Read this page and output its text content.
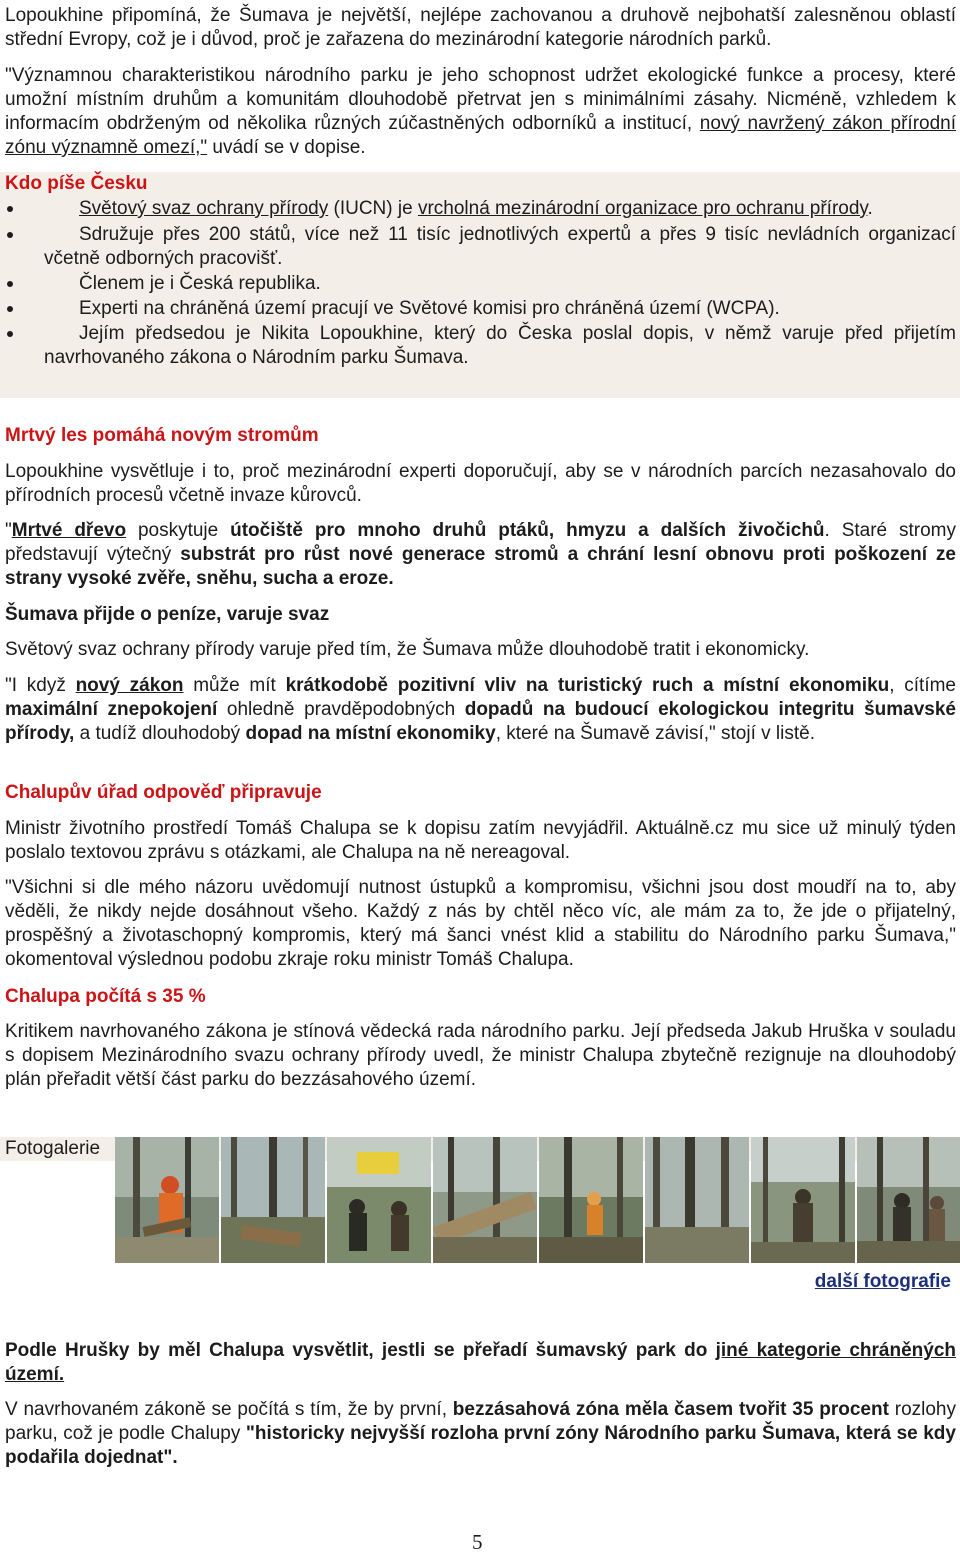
Lopoukhine připomíná, že Šumava je největší, nejlépe zachovanou a druhově nejbohatší zalesněnou oblastí střední Evropy, což je i důvod, proč je zařazena do mezinárodní kategorie národních parků.

"Významnou charakteristikou národního parku je jeho schopnost udržet ekologické funkce a procesy, které umožní místním druhům a komunitám dlouhodobě přetrvat jen s minimálními zásahy. Nicméně, vzhledem k informacím obdrženým od několika různých zúčastněných odborníků a institucí, nový navržený zákon přírodní zónu významně omezí," uvádí se v dopise.

Kdo píše Česku
Světový svaz ochrany přírody (IUCN) je vrcholná mezinárodní organizace pro ochranu přírody.
Sdružuje přes 200 států, více než 11 tisíc jednotlivých expertů a přes 9 tisíc nevládních organizací včetně odborných pracovišť.
Členem je i Česká republika.
Experti na chráněná území pracují ve Světové komisi pro chráněná území (WCPA).
Jejím předsedou je Nikita Lopoukhine, který do Česka poslal dopis, v němž varuje před přijetím navrhovaného zákona o Národním parku Šumava.
Mrtvý les pomáhá novým stromům

Lopoukhine vysvětluje i to, proč mezinárodní experti doporučují, aby se v národních parcích nezasahovalo do přírodních procesů včetně invaze kůrovců.

"Mrtvé dřevo poskytuje útočiště pro mnoho druhů ptáků, hmyzu a dalších živočichů. Staré stromy představují výtečný substrát pro růst nové generace stromů a chrání lesní obnovu proti poškození ze strany vysoké zvěře, sněhu, sucha a eroze.

Šumava přijde o peníze, varuje svaz

Světový svaz ochrany přírody varuje před tím, že Šumava může dlouhodobě tratit i ekonomicky.

"I když nový zákon může mít krátkodobě pozitivní vliv na turistický ruch a místní ekonomiku, cítíme maximální znepokojení ohledně pravděpodobných dopadů na budoucí ekologickou integritu šumavské přírody, a tudíž dlouhodobý dopad na místní ekonomiky, které na Šumavě závisí," stojí v listě.

Chalupův úřad odpověď připravuje

Ministr životního prostředí Tomáš Chalupa se k dopisu zatím nevyjádřil. Aktuálně.cz mu sice už minulý týden poslalo textovou zprávu s otázkami, ale Chalupa na ně nereagoval.

"Všichni si dle mého názoru uvědomují nutnost ústupků a kompromisu, všichni jsou dost moudří na to, aby věděli, že nikdy nejde dosáhnout všeho. Každý z nás by chtěl něco víc, ale mám za to, že jde o přijatelný, prospěšný a životaschopný kompromis, který má šanci vnést klid a stabilitu do Národního parku Šumava," okomentoval výslednou podobu zkraje roku ministr Tomáš Chalupa.

Chalupa počítá s 35 %

Kritikem navrhovaného zákona je stínová vědecká rada národního parku. Její předseda Jakub Hruška v souladu s dopisem Mezinárodního svazu ochrany přírody uvedl, že ministr Chalupa zbytečně rezignuje na dlouhodobý plán přeřadit větší část parku do bezzásahového území.

Fotogalerie
další fotografie

Podle Hrušky by měl Chalupa vysvětlit, jestli se přeřadí šumavský park do jiné kategorie chráněných území.

V navrhovaném zákoně se počítá s tím, že by první, bezzásahová zóna měla časem tvořit 35 procent rozlohy parku, což je podle Chalupy "historicky nejvyšší rozloha první zóny Národního parku Šumava, která se kdy podařila dojednat".

5
